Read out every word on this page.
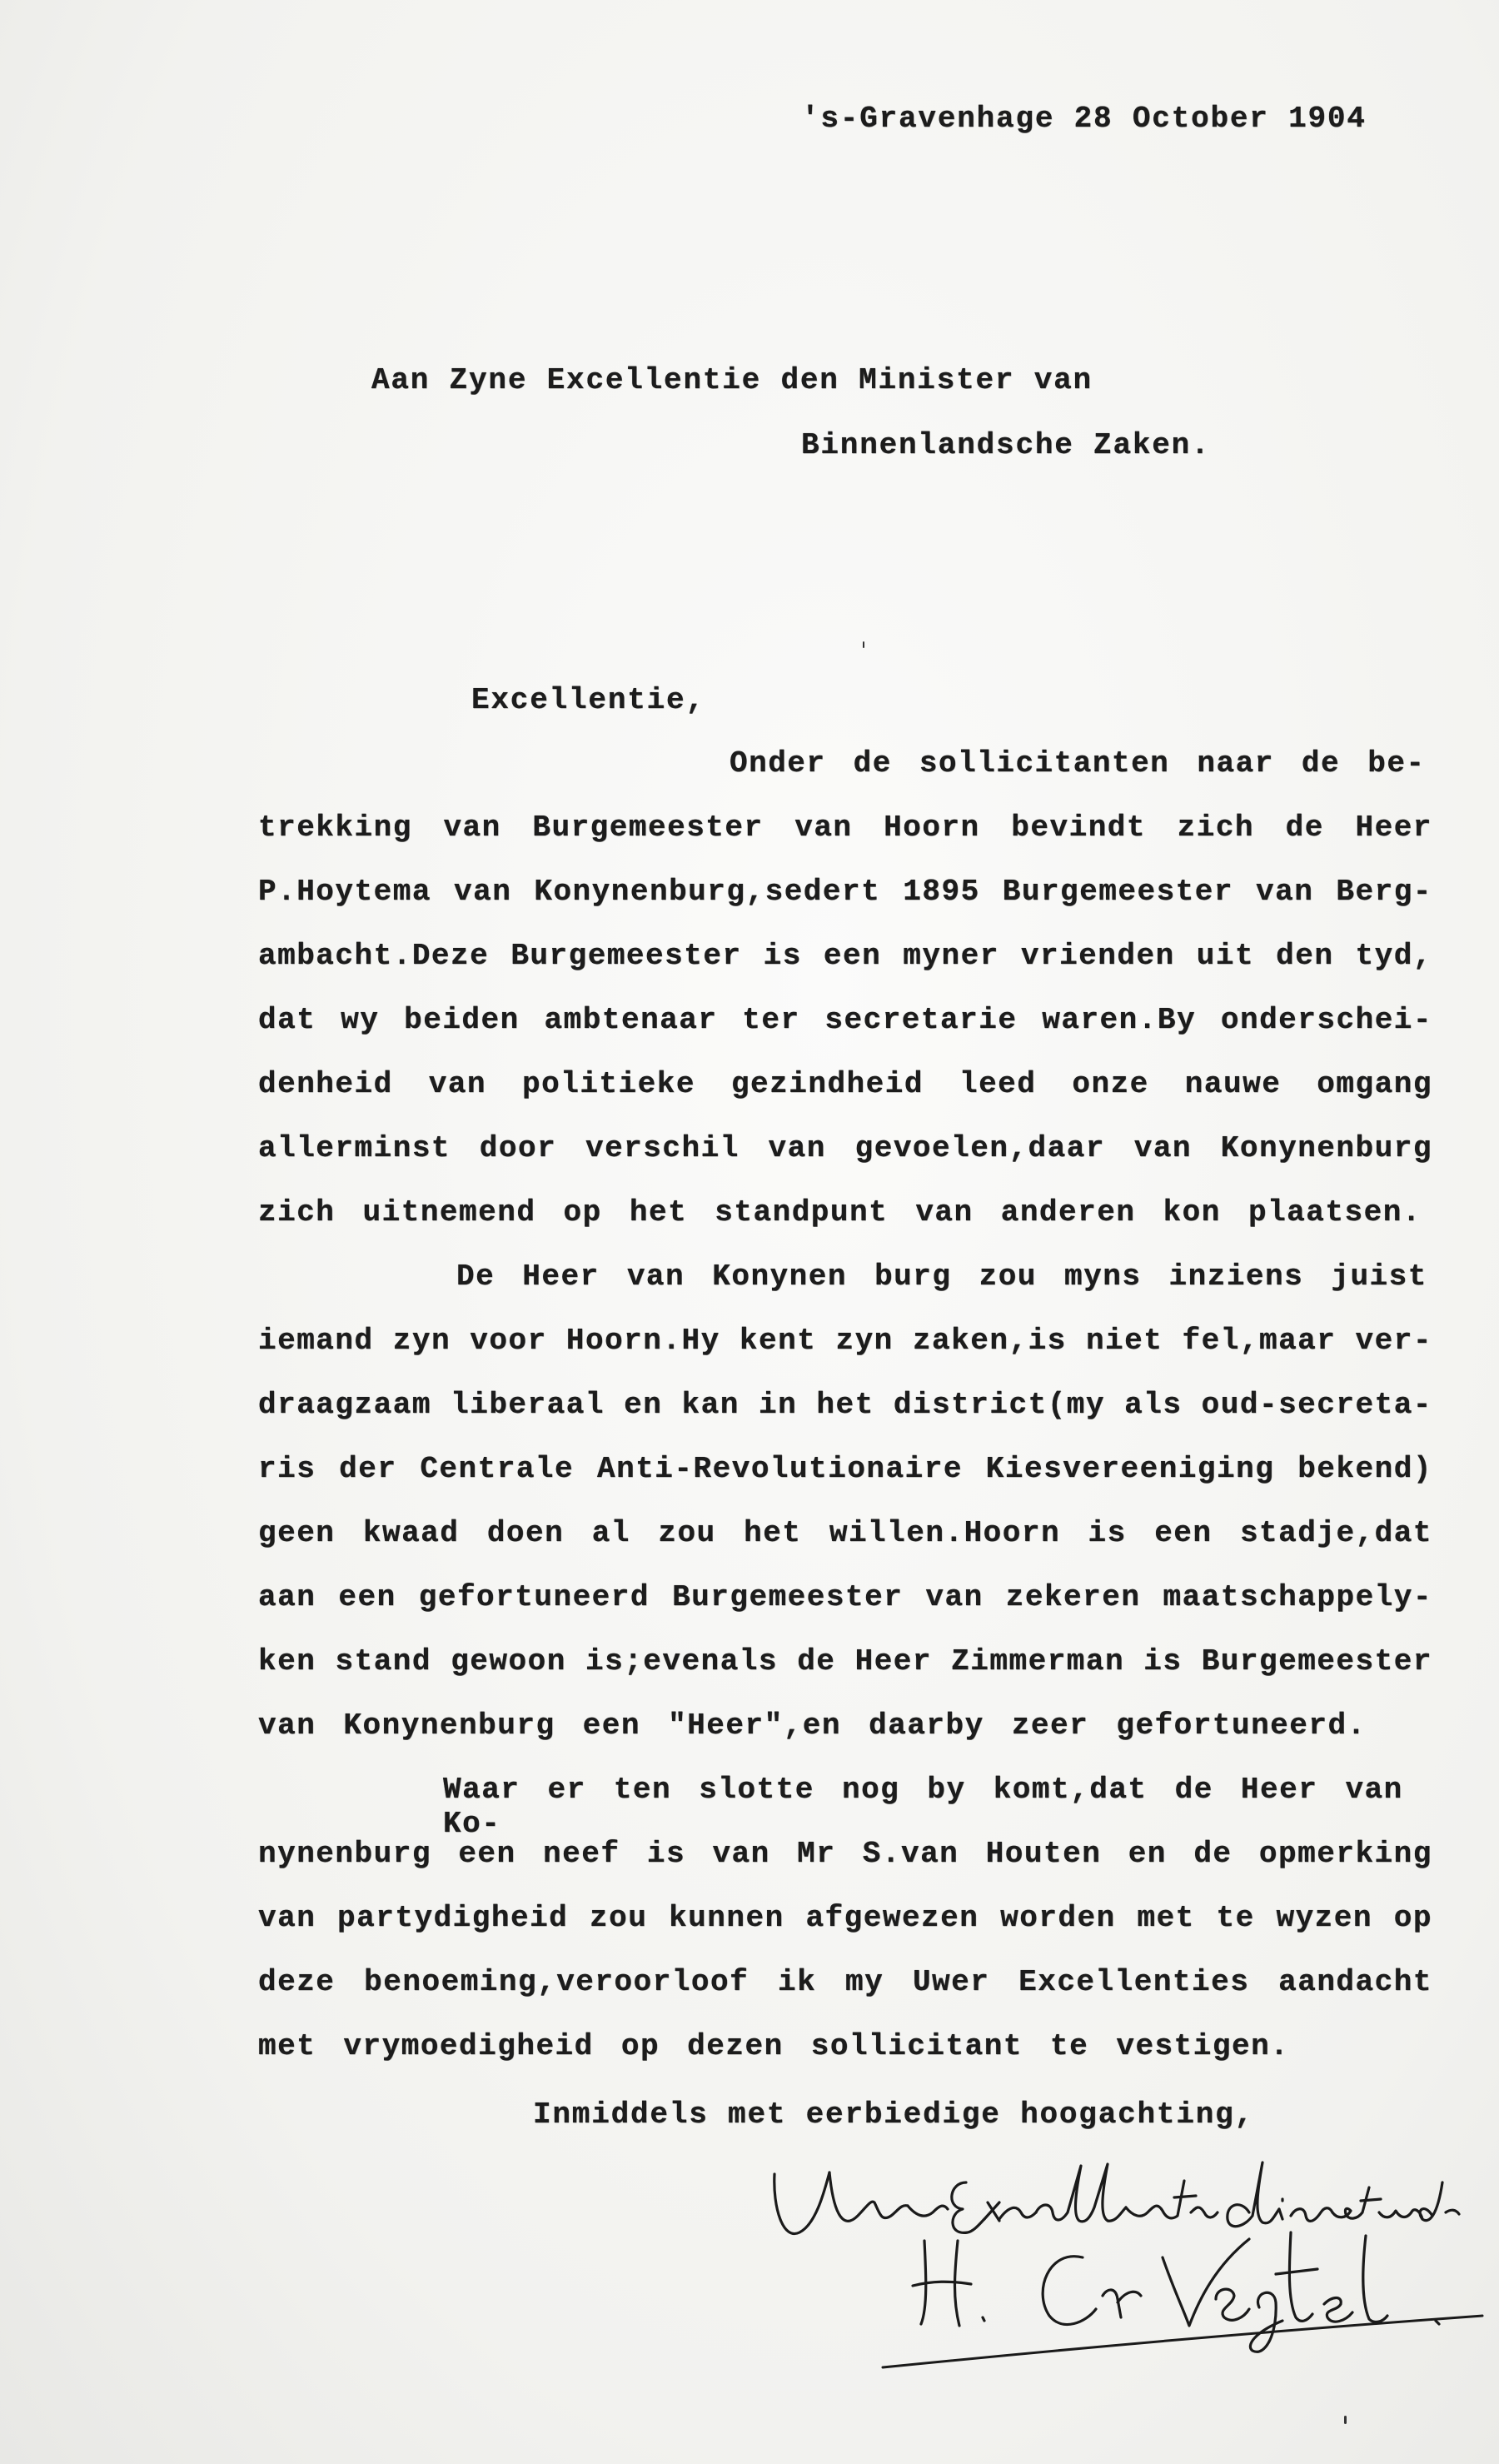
's-Gravenhage 28 October 1904
Aan Zyne Excellentie den Minister van
Binnenlandsche Zaken.
Excellentie,
Onder de sollicitanten naar de be-
trekking van Burgemeester van Hoorn bevindt zich de Heer
P.Hoytema van Konynenburg,sedert 1895 Burgemeester van Berg-
ambacht.Deze Burgemeester is een myner vrienden uit den tyd,
dat wy beiden ambtenaar ter secretarie waren.By onderschei-
denheid van politieke gezindheid leed onze nauwe omgang
allerminst door verschil van gevoelen,daar van Konynenburg
zich uitnemend op het standpunt van anderen kon plaatsen.
De Heer van Konynen burg zou myns inziens juist
iemand zyn voor Hoorn.Hy kent zyn zaken,is niet fel,maar ver-
draagzaam liberaal en kan in het district(my als oud-secreta-
ris der Centrale Anti-Revolutionaire Kiesvereeniging bekend)
geen kwaad doen al zou het willen.Hoorn is een stadje,dat
aan een gefortuneerd Burgemeester van zekeren maatschappely-
ken stand gewoon is;evenals de Heer Zimmerman is Burgemeester
van Konynenburg een "Heer",en daarby zeer gefortuneerd.
Waar er ten slotte nog by komt,dat de Heer van Ko-
nynenburg een neef is van Mr S.van Houten en de opmerking
van partydigheid zou kunnen afgewezen worden met te wyzen op
deze benoeming,veroorloof ik my Uwer Excellenties aandacht
met vrymoedigheid op dezen sollicitant te vestigen.
Inmiddels met eerbiedige hoogachting,
